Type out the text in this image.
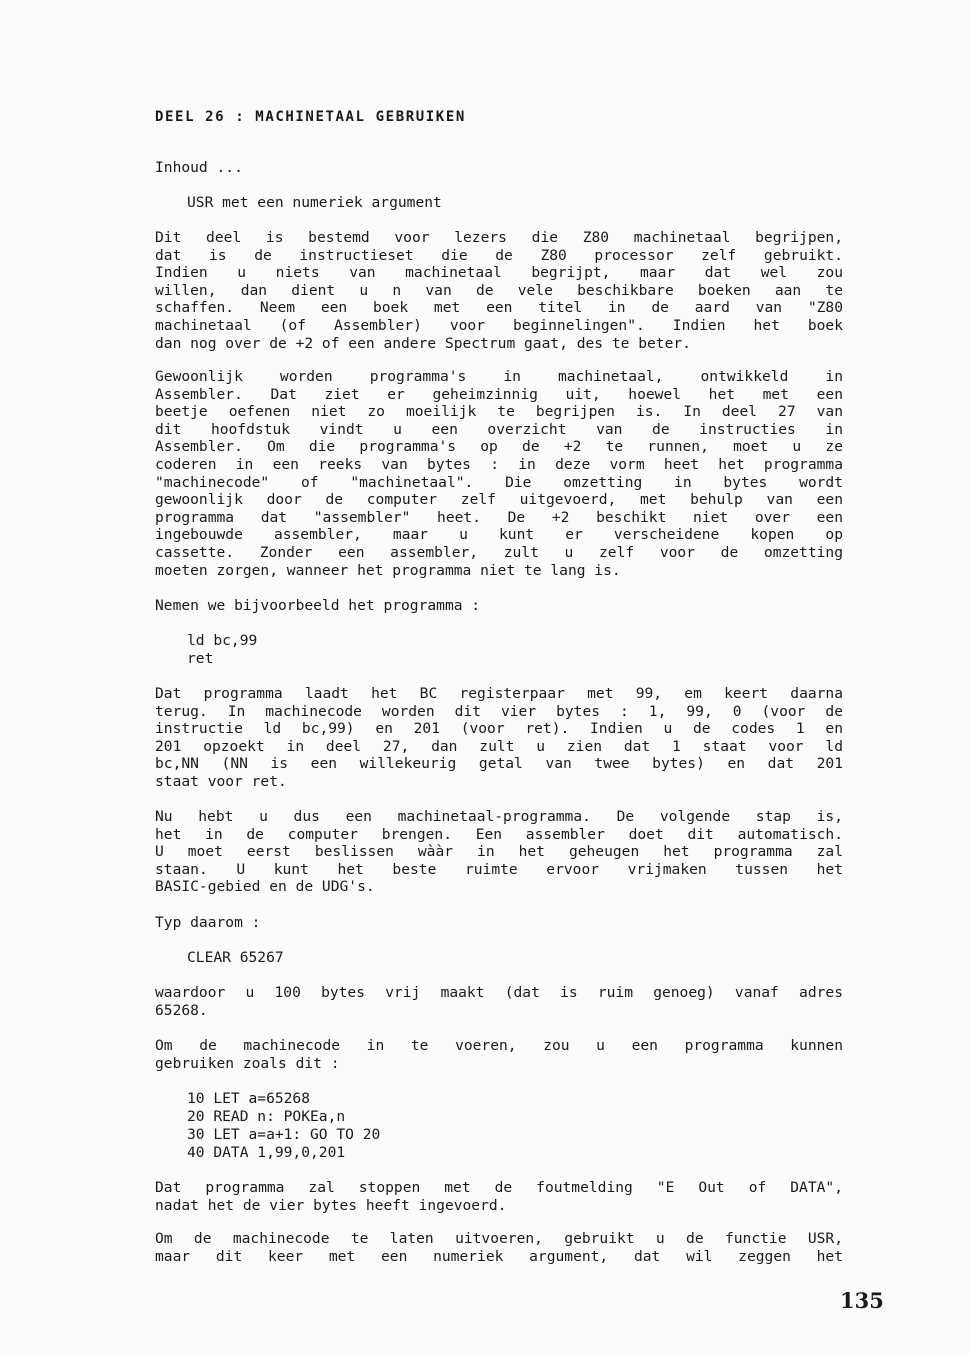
DEEL 26 : MACHINETAAL GEBRUIKEN
Inhoud ...
USR met een numeriek argument
Dit deel is bestemd voor lezers die Z80 machinetaal begrijpen,
dat is de instructieset die de Z80 processor zelf gebruikt.
Indien u niets van machinetaal begrijpt, maar dat wel zou
willen, dan dient u n van de vele beschikbare boeken aan te
schaffen. Neem een boek met een titel in de aard van "Z80
machinetaal (of Assembler) voor beginnelingen". Indien het boek
dan nog over de +2 of een andere Spectrum gaat, des te beter.
Gewoonlijk worden programma's in machinetaal, ontwikkeld in
Assembler. Dat ziet er geheimzinnig uit, hoewel het met een
beetje oefenen niet zo moeilijk te begrijpen is. In deel 27 van
dit hoofdstuk vindt u een overzicht van de instructies in
Assembler. Om die programma's op de +2 te runnen, moet u ze
coderen in een reeks van bytes : in deze vorm heet het programma
"machinecode" of "machinetaal". Die omzetting in bytes wordt
gewoonlijk door de computer zelf uitgevoerd, met behulp van een
programma dat "assembler" heet. De +2 beschikt niet over een
ingebouwde assembler, maar u kunt er verscheidene kopen op
cassette. Zonder een assembler, zult u zelf voor de omzetting
moeten zorgen, wanneer het programma niet te lang is.
Nemen we bijvoorbeeld het programma :
ld bc,99
ret
Dat programma laadt het BC registerpaar met 99, em keert daarna
terug. In machinecode worden dit vier bytes : 1, 99, 0 (voor de
instructie ld bc,99) en 201 (voor ret). Indien u de codes 1 en
201 opzoekt in deel 27, dan zult u zien dat 1 staat voor ld
bc,NN (NN is een willekeurig getal van twee bytes) en dat 201
staat voor ret.
Nu hebt u dus een machinetaal-programma. De volgende stap is,
het in de computer brengen. Een assembler doet dit automatisch.
U moet eerst beslissen wààr in het geheugen het programma zal
staan. U kunt het beste ruimte ervoor vrijmaken tussen het
BASIC-gebied en de UDG's.
Typ daarom :
CLEAR 65267
waardoor u 100 bytes vrij maakt (dat is ruim genoeg) vanaf adres
65268.
Om de machinecode in te voeren, zou u een programma kunnen
gebruiken zoals dit :
10 LET a=65268
20 READ n: POKEa,n
30 LET a=a+1: GO TO 20
40 DATA 1,99,0,201
Dat programma zal stoppen met de foutmelding "E Out of DATA",
nadat het de vier bytes heeft ingevoerd.
Om de machinecode te laten uitvoeren, gebruikt u de functie USR,
maar dit keer met een numeriek argument, dat wil zeggen het
135
